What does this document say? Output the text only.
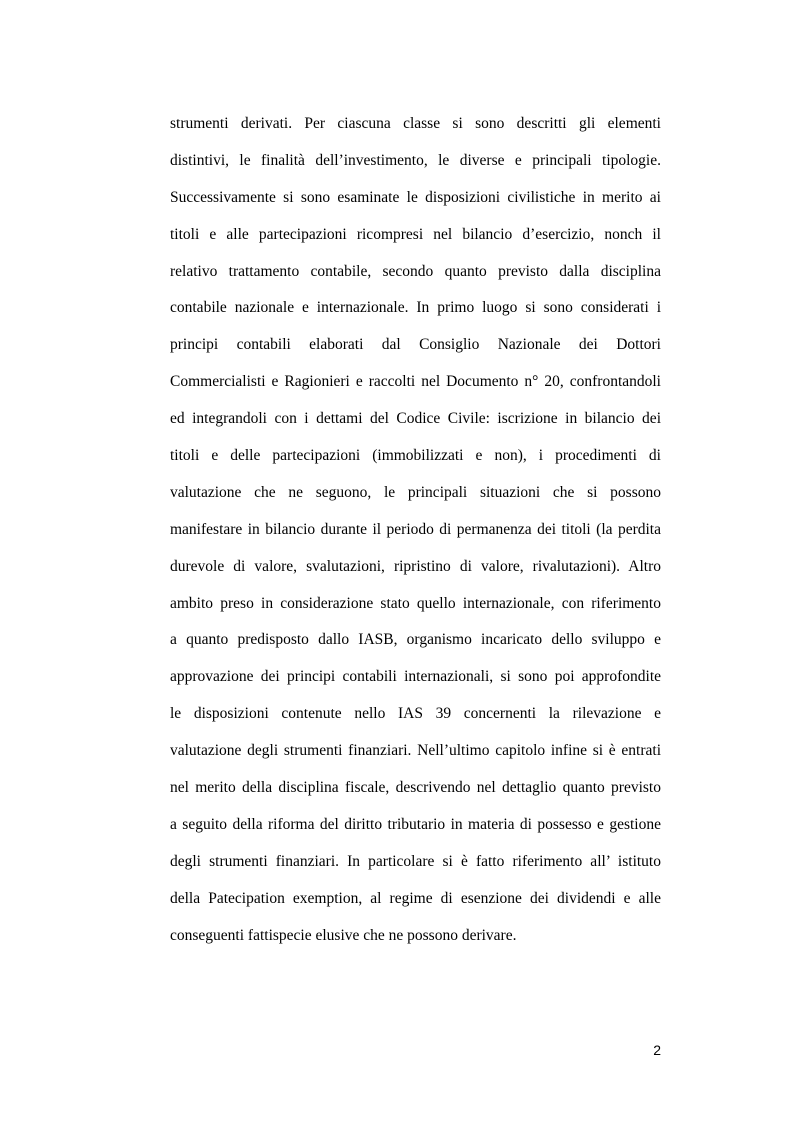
strumenti derivati. Per ciascuna classe si sono descritti gli elementi
distintivi, le finalità dell’investimento, le diverse e principali tipologie.
Successivamente si sono esaminate le disposizioni civilistiche in merito ai
titoli e alle partecipazioni ricompresi nel bilancio d’esercizio, nonch il
relativo trattamento contabile, secondo quanto previsto dalla disciplina
contabile nazionale e internazionale. In primo luogo si sono considerati i
principi contabili elaborati dal Consiglio Nazionale dei Dottori
Commercialisti e Ragionieri e raccolti nel Documento n° 20, confrontandoli
ed integrandoli con i dettami del Codice Civile: iscrizione in bilancio dei
titoli e delle partecipazioni (immobilizzati e non), i procedimenti di
valutazione che ne seguono, le principali situazioni che si possono
manifestare in bilancio durante il periodo di permanenza dei titoli (la perdita
durevole di valore, svalutazioni, ripristino di valore, rivalutazioni). Altro
ambito preso in considerazione stato quello internazionale, con riferimento
a quanto predisposto dallo IASB, organismo incaricato dello sviluppo e
approvazione dei principi contabili internazionali, si sono poi approfondite
le disposizioni contenute nello IAS 39 concernenti la rilevazione e
valutazione degli strumenti finanziari. Nell’ultimo capitolo infine si è entrati
nel merito della disciplina fiscale, descrivendo nel dettaglio quanto previsto
a seguito della riforma del diritto tributario in materia di possesso e gestione
degli strumenti finanziari. In particolare si è fatto riferimento all’ istituto
della Patecipation exemption, al regime di esenzione dei dividendi e alle
conseguenti fattispecie elusive che ne possono derivare.
2
